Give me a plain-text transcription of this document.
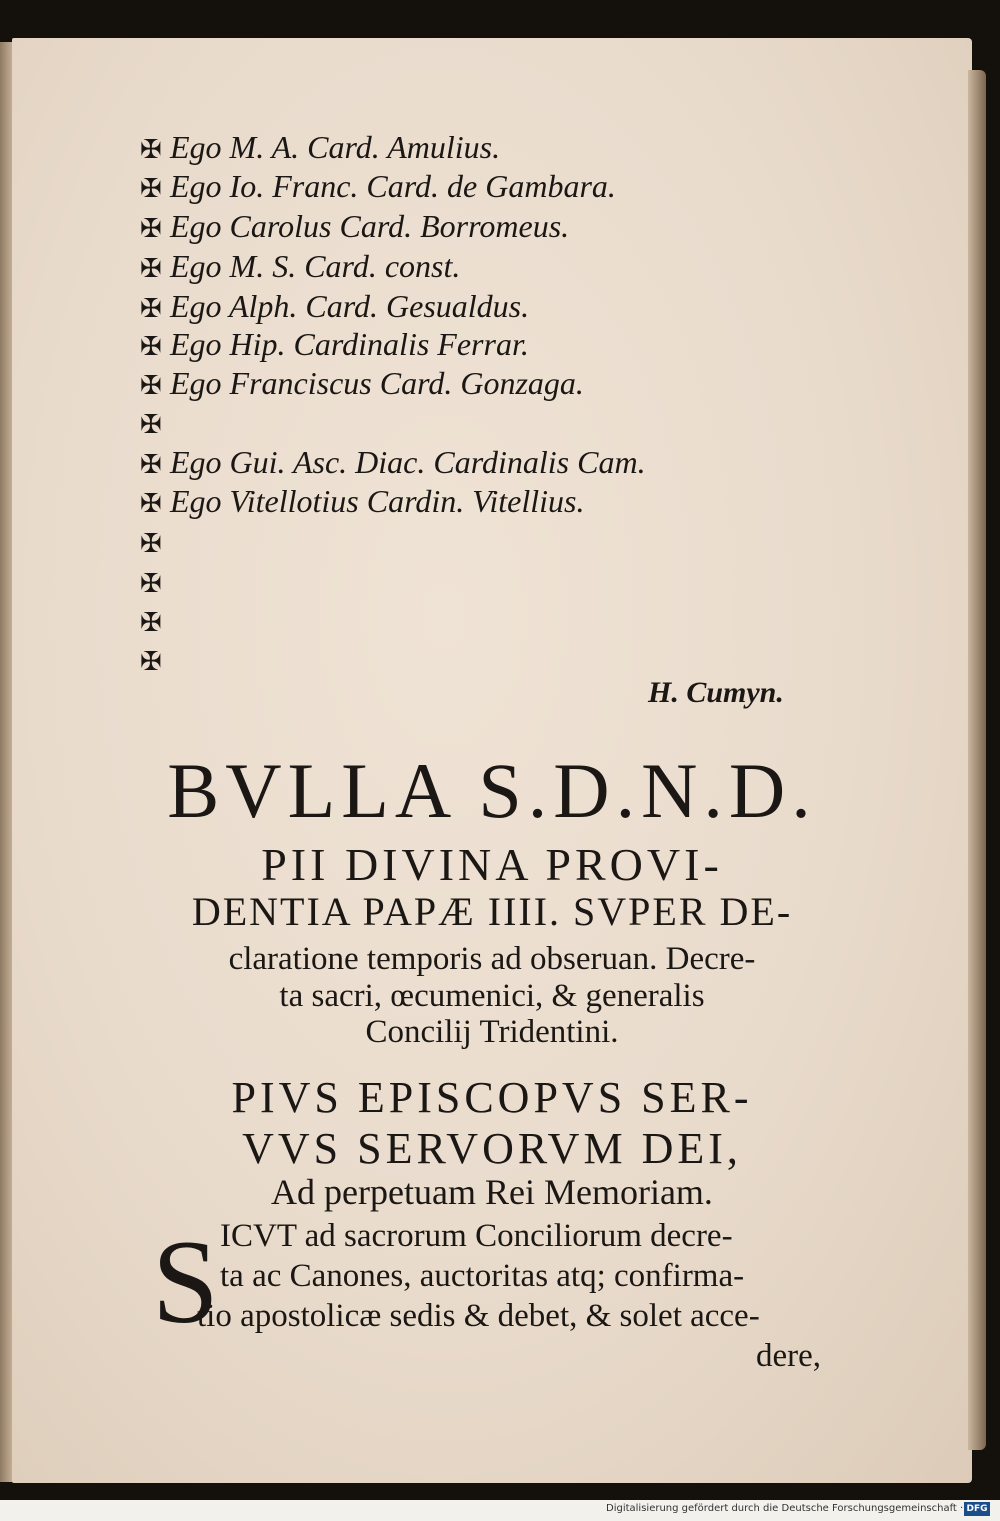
✠ Ego M. A. Card. Amulius.
✠ Ego Io. Franc. Card. de Gambara.
✠ Ego Carolus Card. Borromeus.
✠ Ego M. S. Card. const.
✠ Ego Alph. Card. Gesualdus.
✠ Ego Hip. Cardinalis Ferrar.
✠ Ego Franciscus Card. Gonzaga.
✠
✠ Ego Gui. Asc. Diac. Cardinalis Cam.
✠ Ego Vitellotius Cardin. Vitellius.
✠
✠
✠
✠
H. Cumyn.
BVLLA S.D.N.D.
PII DIVINA PROVI-
DENTIA PAPÆ IIII. SVPER DE-
claratione temporis ad obseruan. Decre-
ta sacri, œcumenici, & generalis
Concilij Tridentini.
PIVS EPISCOPVS SER-
VVS SERVORVM DEI,
Ad perpetuam Rei Memoriam.
S ICVT ad sacrorum Conciliorum decre-
ta ac Canones, auctoritas atq; confirma-
tio apostolicæ sedis & debet, & solet acce-
dere,
Digitalisierung gefördert durch die Deutsche Forschungsgemeinschaft · DFG
